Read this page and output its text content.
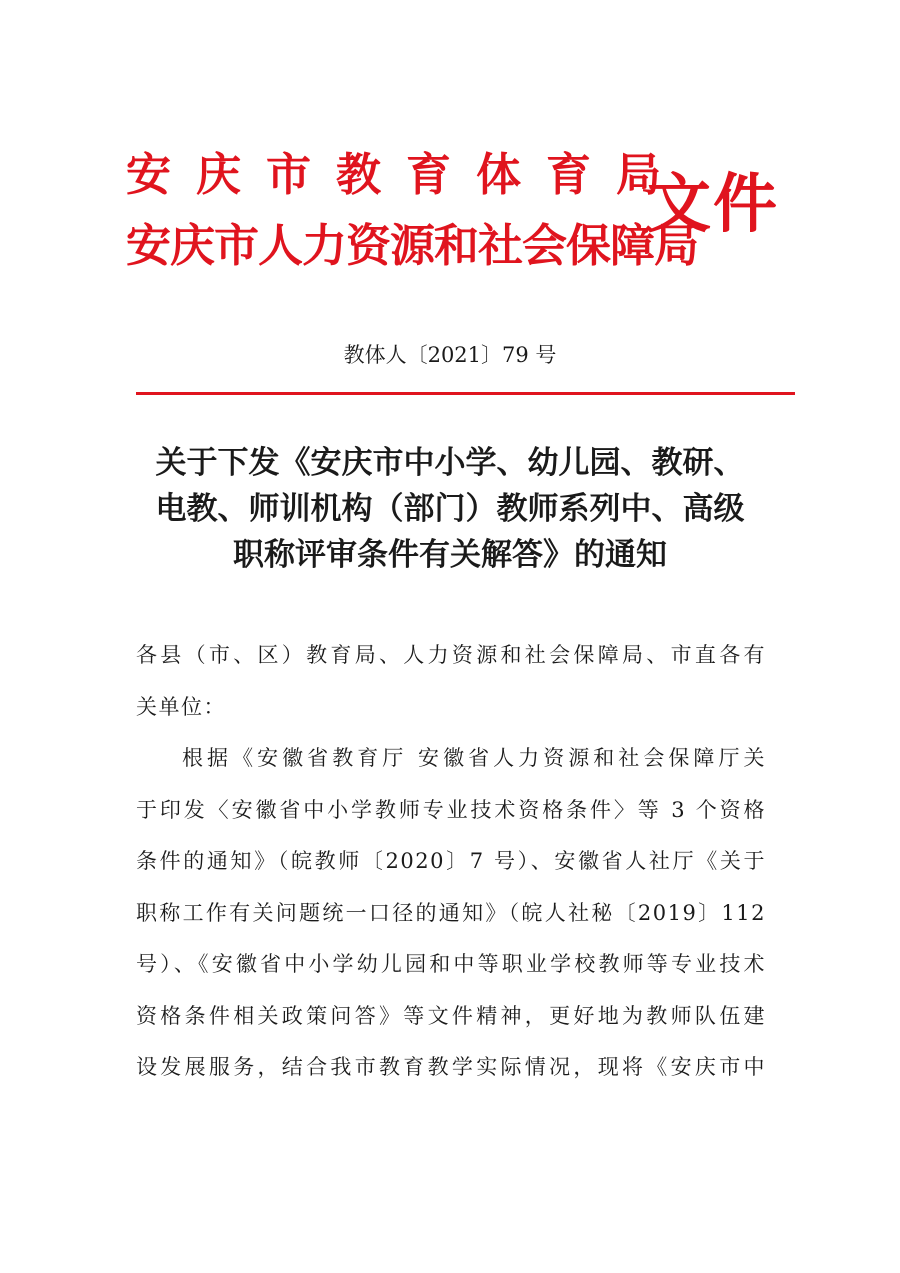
安庆市教育体育局
安庆市人力资源和社会保障局
文件
教体人〔2021〕79 号
关于下发《安庆市中小学、幼儿园、教研、
电教、师训机构（部门）教师系列中、高级
职称评审条件有关解答》的通知
各县（市、区）教育局、人力资源和社会保障局、市直各有
关单位：
根据《安徽省教育厅 安徽省人力资源和社会保障厅关
于印发〈安徽省中小学教师专业技术资格条件〉等 3 个资格
条件的通知》（皖教师〔2020〕7 号）、安徽省人社厅《关于
职称工作有关问题统一口径的通知》（皖人社秘〔2019〕112
号）、《安徽省中小学幼儿园和中等职业学校教师等专业技术
资格条件相关政策问答》等文件精神，更好地为教师队伍建
设发展服务，结合我市教育教学实际情况，现将《安庆市中
